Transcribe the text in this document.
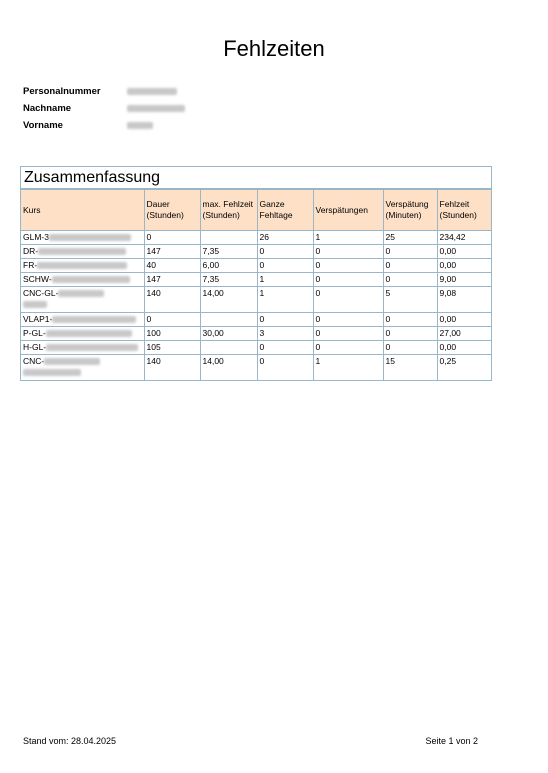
Fehlzeiten
Personalnummer
Nachname
Vorname
Zusammenfassung
Kurs	Dauer (Stunden)	max. Fehlzeit (Stunden)	Ganze Fehltage	Verspätungen	Verspätung (Minuten)	Fehlzeit (Stunden)
GLM-3	0		26	1	25	234,42
DR-	147	7,35	0	0	0	0,00
FR-	40	6,00	0	0	0	0,00
SCHW-	147	7,35	1	0	0	9,00
CNC-GL-	140	14,00	1	0	5	9,08
VLAP1-	0		0	0	0	0,00
P-GL-	100	30,00	3	0	0	27,00
H-GL-	105		0	0	0	0,00
CNC-	140	14,00	0	1	15	0,25
Stand vom: 28.04.2025	Seite 1 von 2
